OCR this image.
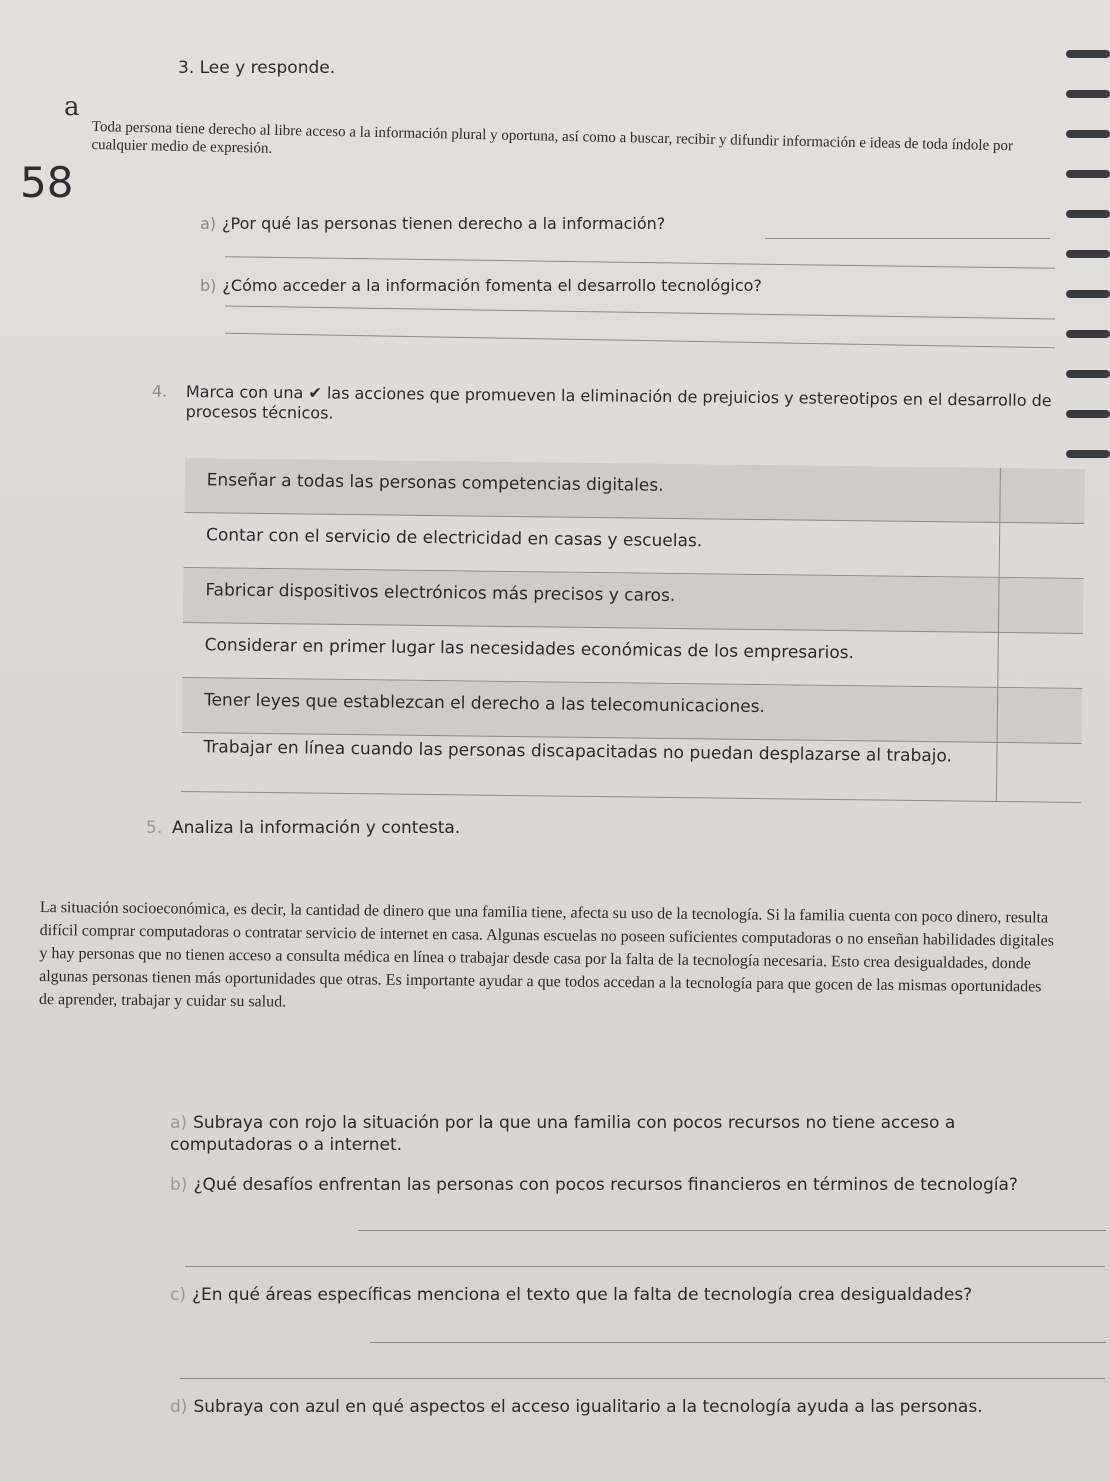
3. Lee y responde.
a
58
Toda persona tiene derecho al libre acceso a la información plural y oportuna, así como a buscar, recibir y difundir información e ideas de toda índole por cualquier medio de expresión.
a) ¿Por qué las personas tienen derecho a la información?
b) ¿Cómo acceder a la información fomenta el desarrollo tecnológico?
4. Marca con una ✔ las acciones que promueven la eliminación de prejuicios y estereotipos en el desarrollo de procesos técnicos.
Enseñar a todas las personas competencias digitales.
Contar con el servicio de electricidad en casas y escuelas.
Fabricar dispositivos electrónicos más precisos y caros.
Considerar en primer lugar las necesidades económicas de los empresarios.
Tener leyes que establezcan el derecho a las telecomunicaciones.
Trabajar en línea cuando las personas discapacitadas no puedan desplazarse al trabajo.
5. Analiza la información y contesta.
La situación socioeconómica, es decir, la cantidad de dinero que una familia tiene, afecta su uso de la tecnología. Si la familia cuenta con poco dinero, resulta difícil comprar computadoras o contratar servicio de internet en casa. Algunas escuelas no poseen suficientes computadoras o no enseñan habilidades digitales y hay personas que no tienen acceso a consulta médica en línea o trabajar desde casa por la falta de la tecnología necesaria. Esto crea desigualdades, donde algunas personas tienen más oportunidades que otras. Es importante ayudar a que todos accedan a la tecnología para que gocen de las mismas oportunidades de aprender, trabajar y cuidar su salud.
a) Subraya con rojo la situación por la que una familia con pocos recursos no tiene acceso a computadoras o a internet.
b) ¿Qué desafíos enfrentan las personas con pocos recursos financieros en términos de tecnología?
c) ¿En qué áreas específicas menciona el texto que la falta de tecnología crea desigualdades?
d) Subraya con azul en qué aspectos el acceso igualitario a la tecnología ayuda a las personas.
